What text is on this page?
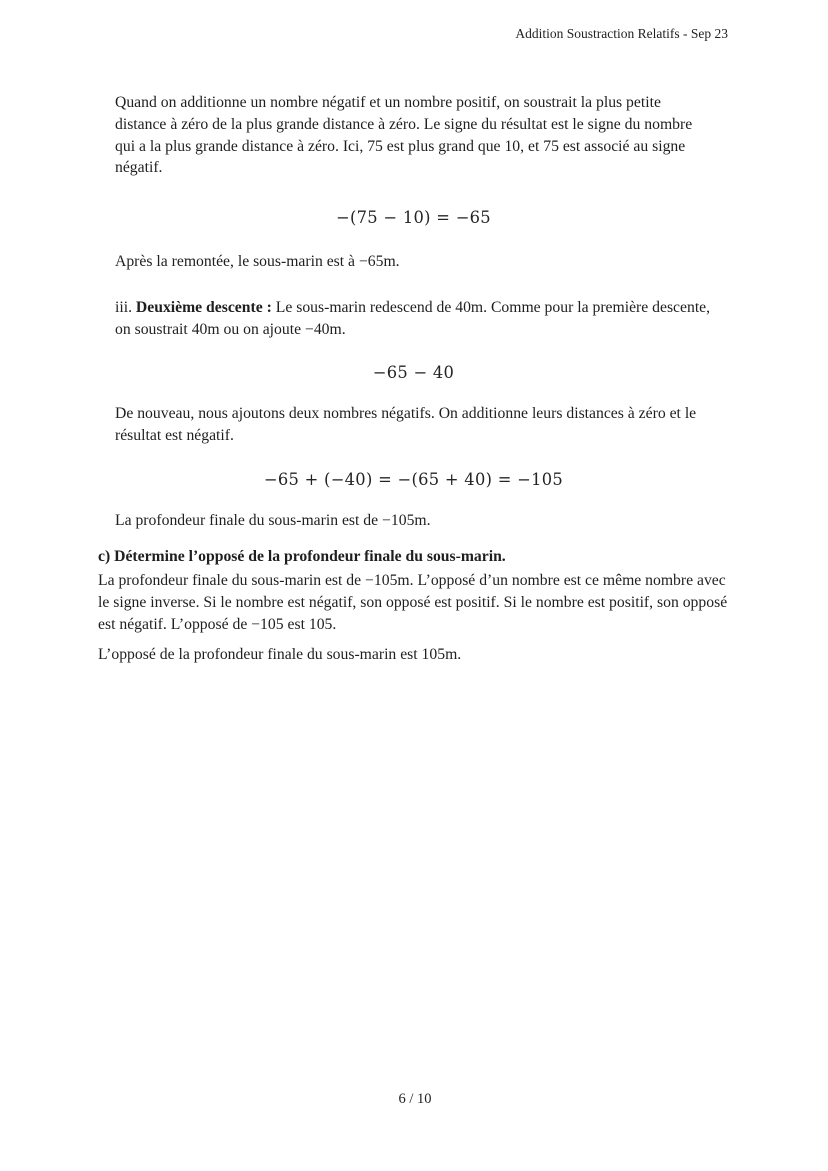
Addition Soustraction Relatifs - Sep 23

Quand on additionne un nombre négatif et un nombre positif, on soustrait la plus petite distance à zéro de la plus grande distance à zéro. Le signe du résultat est le signe du nombre qui a la plus grande distance à zéro. Ici, 75 est plus grand que 10, et 75 est associé au signe négatif.

−(75 − 10) = −65

Après la remontée, le sous-marin est à −65m.

iii. Deuxième descente : Le sous-marin redescend de 40m. Comme pour la première descente, on soustrait 40m ou on ajoute −40m.

−65 − 40

De nouveau, nous ajoutons deux nombres négatifs. On additionne leurs distances à zéro et le résultat est négatif.

−65 + (−40) = −(65 + 40) = −105

La profondeur finale du sous-marin est de −105m.

c) Détermine l’opposé de la profondeur finale du sous-marin.

La profondeur finale du sous-marin est de −105m. L’opposé d’un nombre est ce même nombre avec le signe inverse. Si le nombre est négatif, son opposé est positif. Si le nombre est positif, son opposé est négatif. L’opposé de −105 est 105.

L’opposé de la profondeur finale du sous-marin est 105m.

6 / 10
